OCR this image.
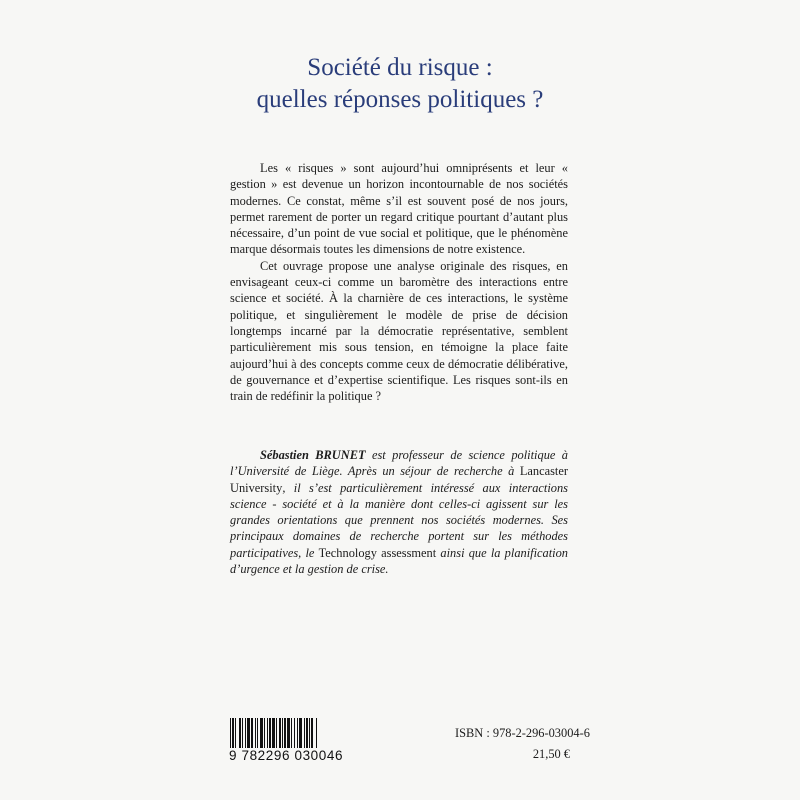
Société du risque :
quelles réponses politiques ?

Les « risques » sont aujourd’hui omniprésents et leur « gestion » est devenue un horizon incontournable de nos sociétés modernes. Ce constat, même s’il est souvent posé de nos jours, permet rarement de porter un regard critique pourtant d’autant plus nécessaire, d’un point de vue social et politique, que le phénomène marque désormais toutes les dimensions de notre existence.

Cet ouvrage propose une analyse originale des risques, en envisageant ceux-ci comme un baromètre des interactions entre science et société. À la charnière de ces interactions, le système politique, et singulièrement le modèle de prise de décision longtemps incarné par la démocratie représentative, semblent particulièrement mis sous tension, en témoigne la place faite aujourd’hui à des concepts comme ceux de démocratie délibérative, de gouvernance et d’expertise scientifique. Les risques sont-ils en train de redéfinir la politique ?

Sébastien BRUNET est professeur de science politique à l’Université de Liège. Après un séjour de recherche à Lancaster University, il s’est particulièrement intéressé aux interactions science - société et à la manière dont celles-ci agissent sur les grandes orientations que prennent nos sociétés modernes. Ses principaux domaines de recherche portent sur les méthodes participatives, le Technology assessment ainsi que la planification d’urgence et la gestion de crise.

9 782296 030046
ISBN : 978-2-296-03004-6
21,50 €
